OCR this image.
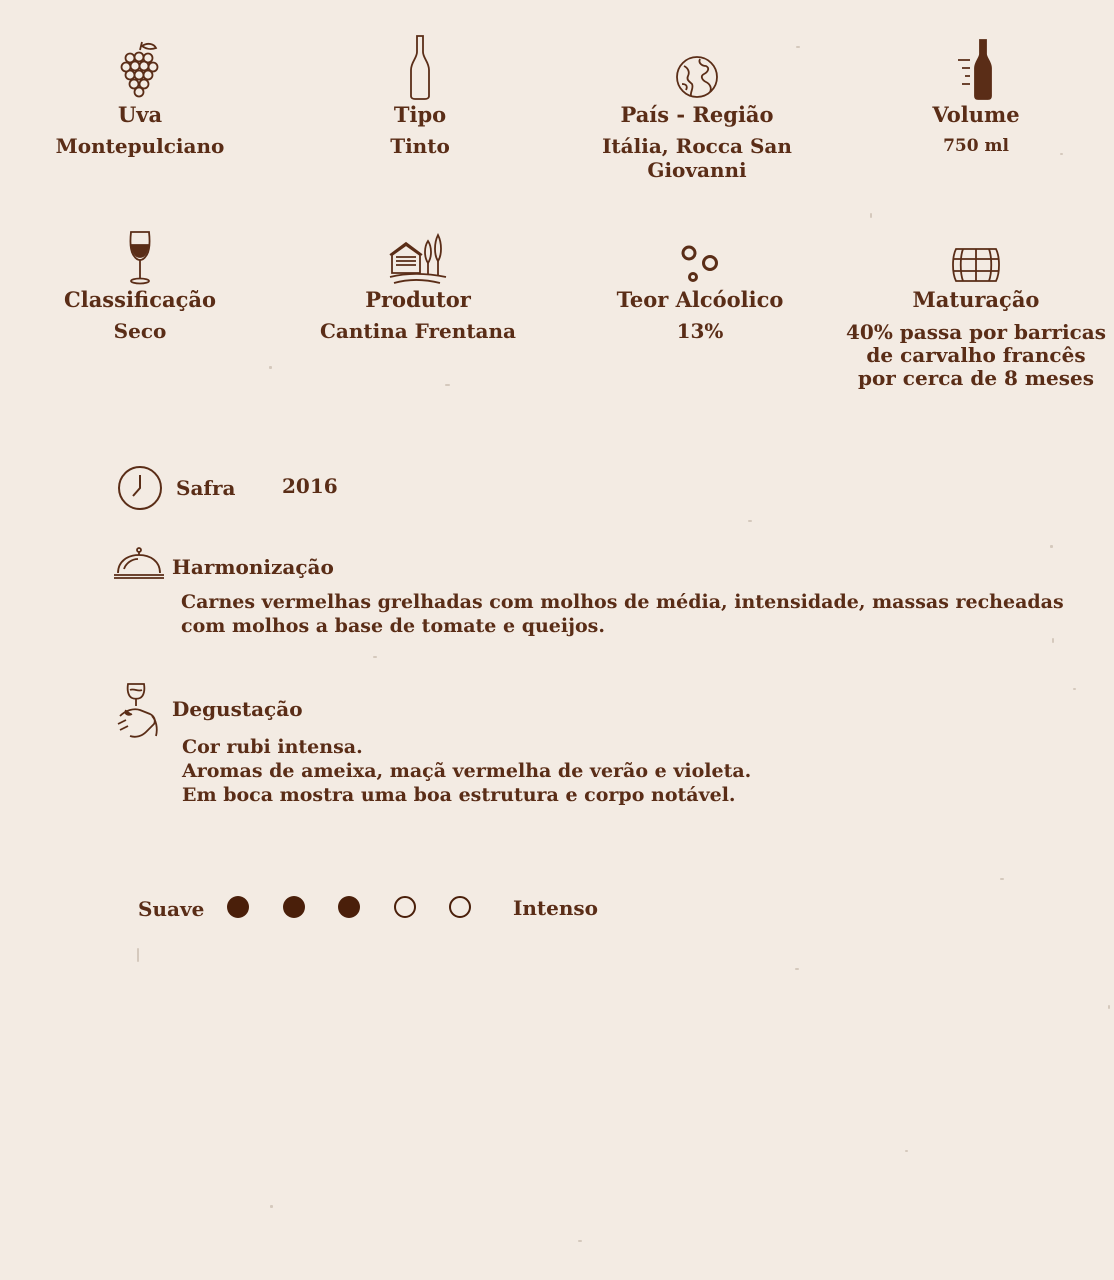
Uva
Montepulciano
Tipo
Tinto
País - Região
Itália, Rocca San Giovanni
Volume
750 ml
Classificação
Seco
Produtor
Cantina Frentana
Teor Alcóolico
13%
Maturação
40% passa por barricas
de carvalho francês
por cerca de 8 meses
Safra 2016
Harmonização
Carnes vermelhas grelhadas com molhos de média, intensidade, massas recheadas
com molhos a base de tomate e queijos.
Degustação
Cor rubi intensa.
Aromas de ameixa, maçã vermelha de verão e violeta.
Em boca mostra uma boa estrutura e corpo notável.
Suave	Intenso
